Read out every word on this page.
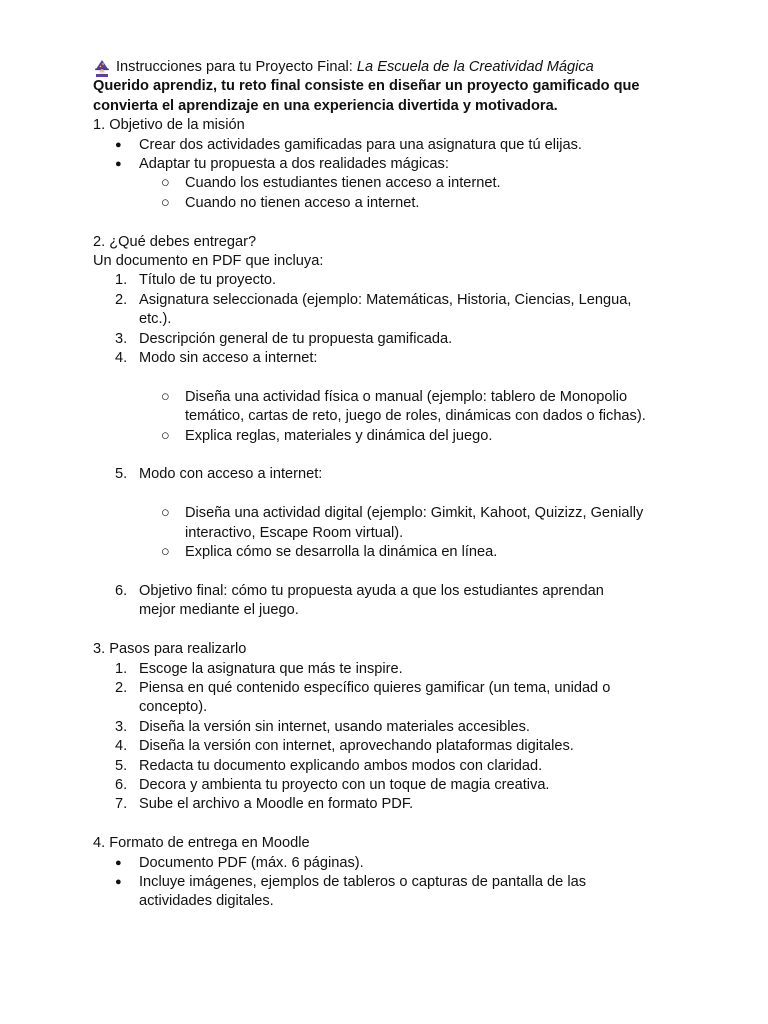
Instrucciones para tu Proyecto Final:
La Escuela de la Creatividad Mágica
Querido aprendiz, tu reto final consiste en diseñar un proyecto gamificado que
convierta el aprendizaje en una experiencia divertida y motivadora.
1. Objetivo de la misión
● Crear dos actividades gamificadas para una asignatura que tú elijas.
● Adaptar tu propuesta a dos realidades mágicas:
○ Cuando los estudiantes tienen acceso a internet.
○ Cuando no tienen acceso a internet.
2. ¿Qué debes entregar?
Un documento en PDF que incluya:
1. Título de tu proyecto.
2. Asignatura seleccionada (ejemplo: Matemáticas, Historia, Ciencias, Lengua,
etc.).
3. Descripción general de tu propuesta gamificada.
4. Modo sin acceso a internet:
○ Diseña una actividad física o manual (ejemplo: tablero de Monopolio
temático, cartas de reto, juego de roles, dinámicas con dados o fichas).
○ Explica reglas, materiales y dinámica del juego.
5. Modo con acceso a internet:
○ Diseña una actividad digital (ejemplo: Gimkit, Kahoot, Quizizz, Genially
interactivo, Escape Room virtual).
○ Explica cómo se desarrolla la dinámica en línea.
6. Objetivo final: cómo tu propuesta ayuda a que los estudiantes aprendan
mejor mediante el juego.
3. Pasos para realizarlo
1. Escoge la asignatura que más te inspire.
2. Piensa en qué contenido específico quieres gamificar (un tema, unidad o
concepto).
3. Diseña la versión sin internet, usando materiales accesibles.
4. Diseña la versión con internet, aprovechando plataformas digitales.
5. Redacta tu documento explicando ambos modos con claridad.
6. Decora y ambienta tu proyecto con un toque de magia creativa.
7. Sube el archivo a Moodle en formato PDF.
4. Formato de entrega en Moodle
● Documento PDF (máx. 6 páginas).
● Incluye imágenes, ejemplos de tableros o capturas de pantalla de las
actividades digitales.
